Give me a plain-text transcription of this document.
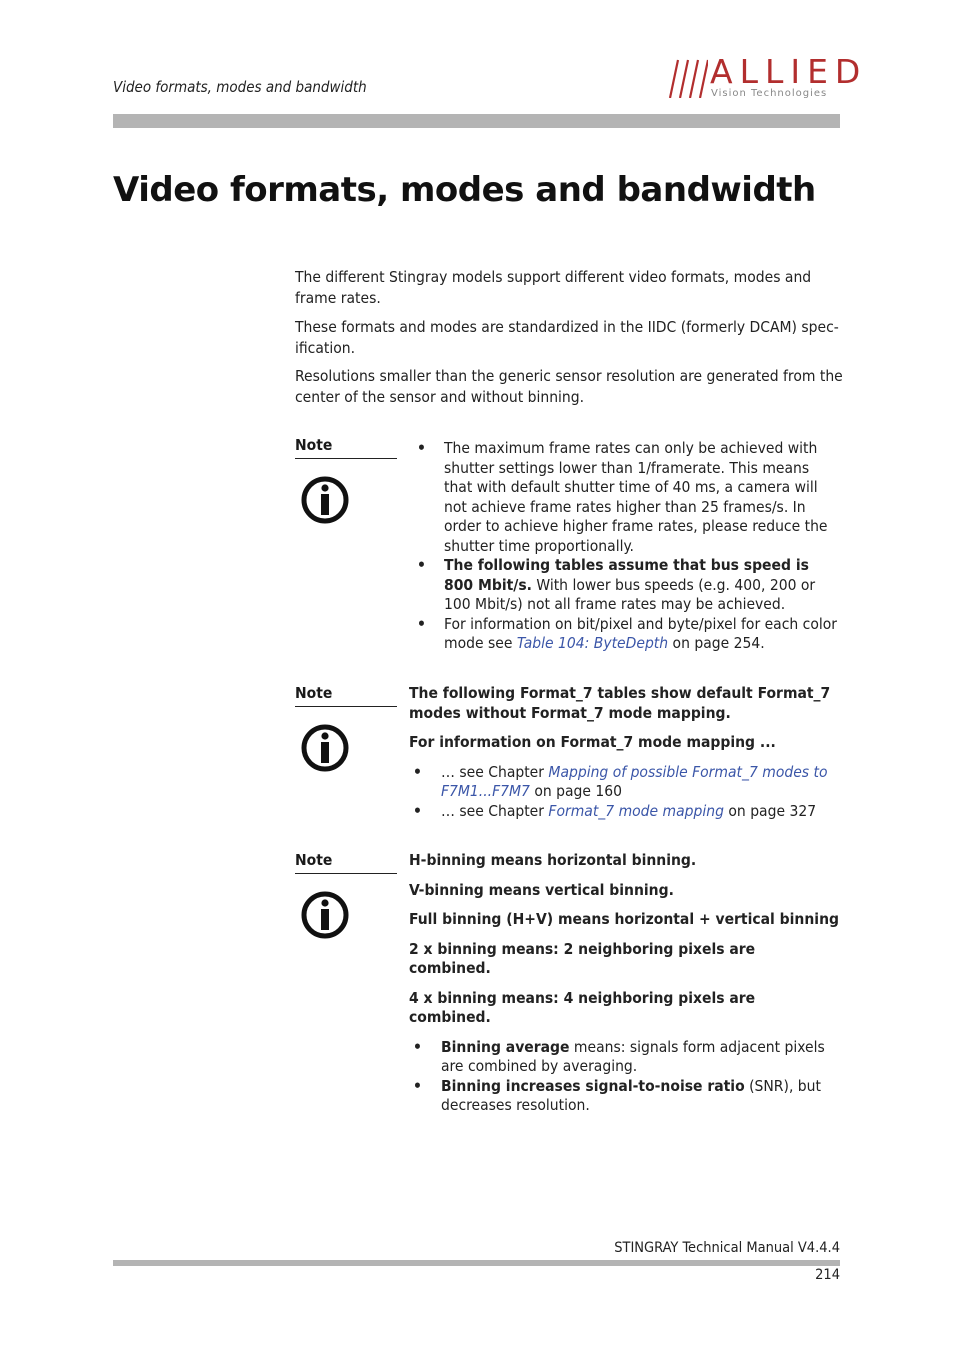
Video formats, modes and bandwidth	ALLIED
Vision Technologies
Video formats, modes and bandwidth
The different Stingray models support different video formats, modes and frame rates.
These formats and modes are standardized in the IIDC (formerly DCAM) spec-ification.
Resolutions smaller than the generic sensor resolution are generated from the center of the sensor and without binning.
Note	• The maximum frame rates can only be achieved with shutter settings lower than 1/framerate. This means that with default shutter time of 40 ms, a camera will not achieve frame rates higher than 25 frames/s. In order to achieve higher frame rates, please reduce the shutter time proportionally.
• The following tables assume that bus speed is 800 Mbit/s. With lower bus speeds (e.g. 400, 200 or 100 Mbit/s) not all frame rates may be achieved.
• For information on bit/pixel and byte/pixel for each color mode see Table 104: ByteDepth on page 254.
Note	The following Format_7 tables show default Format_7 modes without Format_7 mode mapping.

For information on Format_7 mode mapping ...

• … see Chapter Mapping of possible Format_7 modes to F7M1...F7M7 on page 160
• … see Chapter Format_7 mode mapping on page 327
Note	H-binning means horizontal binning.

V-binning means vertical binning.

Full binning (H+V) means horizontal + vertical binning

2 x binning means: 2 neighboring pixels are combined.

4 x binning means: 4 neighboring pixels are combined.

• Binning average means: signals form adjacent pixels are combined by averaging.
• Binning increases signal-to-noise ratio (SNR), but decreases resolution.
STINGRAY Technical Manual V4.4.4
214
